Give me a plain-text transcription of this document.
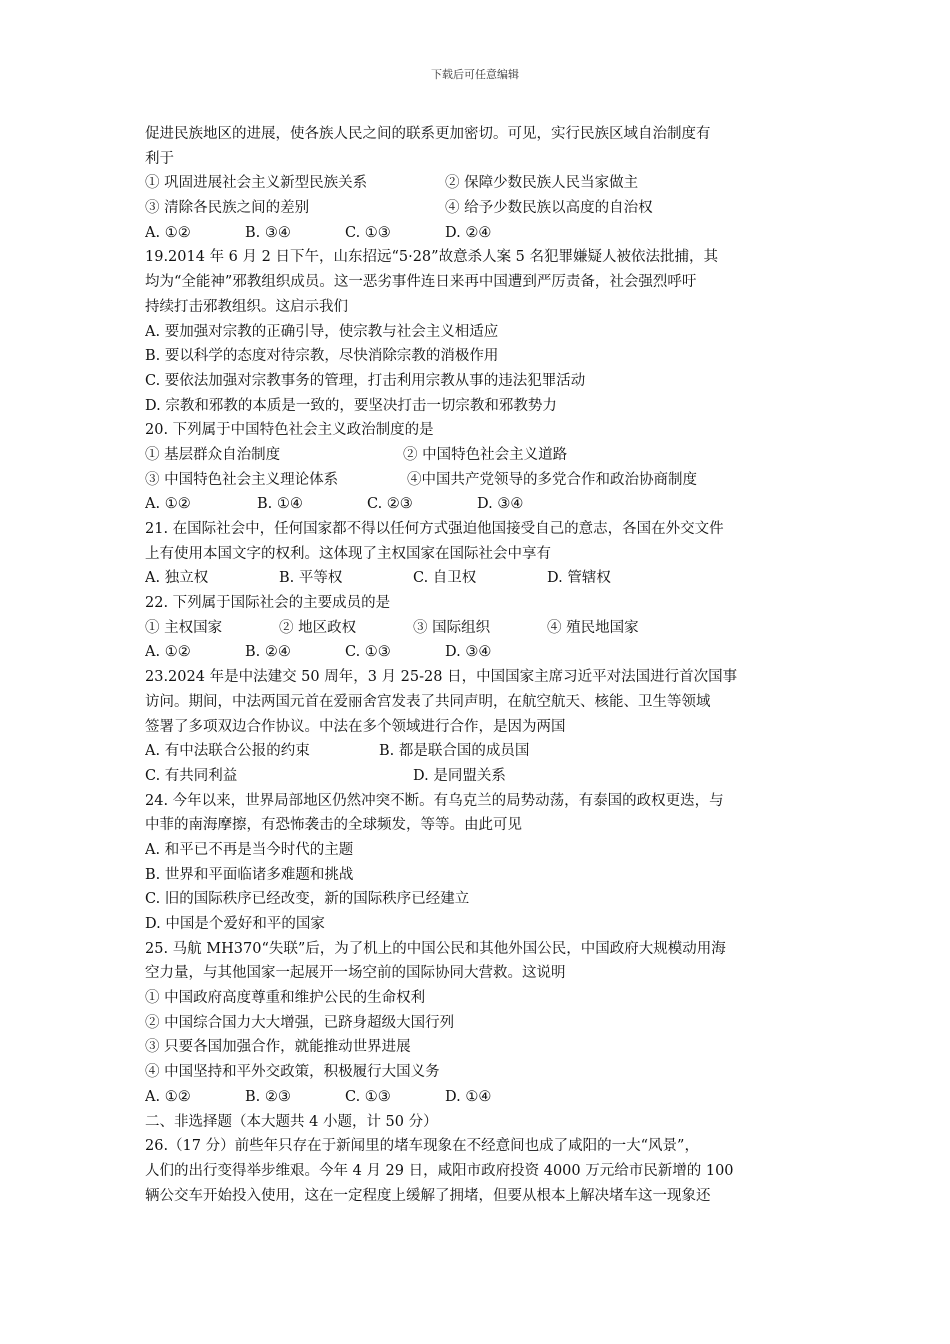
下载后可任意编辑
促进民族地区的进展，使各族人民之间的联系更加密切。可见，实行民族区域自治制度有
利于
① 巩固进展社会主义新型民族关系	② 保障少数民族人民当家做主
③ 清除各民族之间的差别	④ 给予少数民族以高度的自治权
A. ①②	B. ③④	C. ①③	D. ②④
19.2014 年 6 月 2 日下午，山东招远“5·28”故意杀人案 5 名犯罪嫌疑人被依法批捕，其
均为“全能神”邪教组织成员。这一恶劣事件连日来再中国遭到严厉责备，社会强烈呼吁
持续打击邪教组织。这启示我们
A. 要加强对宗教的正确引导，使宗教与社会主义相适应
B. 要以科学的态度对待宗教，尽快消除宗教的消极作用
C. 要依法加强对宗教事务的管理，打击利用宗教从事的违法犯罪活动
D. 宗教和邪教的本质是一致的，要坚决打击一切宗教和邪教势力
20. 下列属于中国特色社会主义政治制度的是
① 基层群众自治制度	② 中国特色社会主义道路
③ 中国特色社会主义理论体系	④中国共产党领导的多党合作和政治协商制度
A. ①②	B. ①④	C. ②③	D. ③④
21. 在国际社会中，任何国家都不得以任何方式强迫他国接受自己的意志，各国在外交文件
上有使用本国文字的权利。这体现了主权国家在国际社会中享有
A. 独立权	B. 平等权	C. 自卫权	D. 管辖权
22. 下列属于国际社会的主要成员的是
① 主权国家	② 地区政权	③ 国际组织	④ 殖民地国家
A. ①②	B. ②④	C. ①③	D. ③④
23.2024 年是中法建交 50 周年，3 月 25-28 日，中国国家主席习近平对法国进行首次国事
访问。期间，中法两国元首在爱丽舍宫发表了共同声明，在航空航天、核能、卫生等领域
签署了多项双边合作协议。中法在多个领域进行合作，是因为两国
A. 有中法联合公报的约束	B. 都是联合国的成员国
C. 有共同利益	D. 是同盟关系
24. 今年以来，世界局部地区仍然冲突不断。有乌克兰的局势动荡，有泰国的政权更迭，与
中菲的南海摩擦，有恐怖袭击的全球频发，等等。由此可见
A. 和平已不再是当今时代的主题
B. 世界和平面临诸多难题和挑战
C. 旧的国际秩序已经改变，新的国际秩序已经建立
D. 中国是个爱好和平的国家
25. 马航 MH370“失联”后，为了机上的中国公民和其他外国公民，中国政府大规模动用海
空力量，与其他国家一起展开一场空前的国际协同大营救。这说明
① 中国政府高度尊重和维护公民的生命权利
② 中国综合国力大大增强，已跻身超级大国行列
③ 只要各国加强合作，就能推动世界进展
④ 中国坚持和平外交政策，积极履行大国义务
A. ①②	B. ②③	C. ①③	D. ①④
二、非选择题（本大题共 4 小题，计 50 分）
26.（17 分）前些年只存在于新闻里的堵车现象在不经意间也成了咸阳的一大“风景”，
人们的出行变得举步维艰。今年 4 月 29 日，咸阳市政府投资 4000 万元给市民新增的 100
辆公交车开始投入使用，这在一定程度上缓解了拥堵，但要从根本上解决堵车这一现象还
